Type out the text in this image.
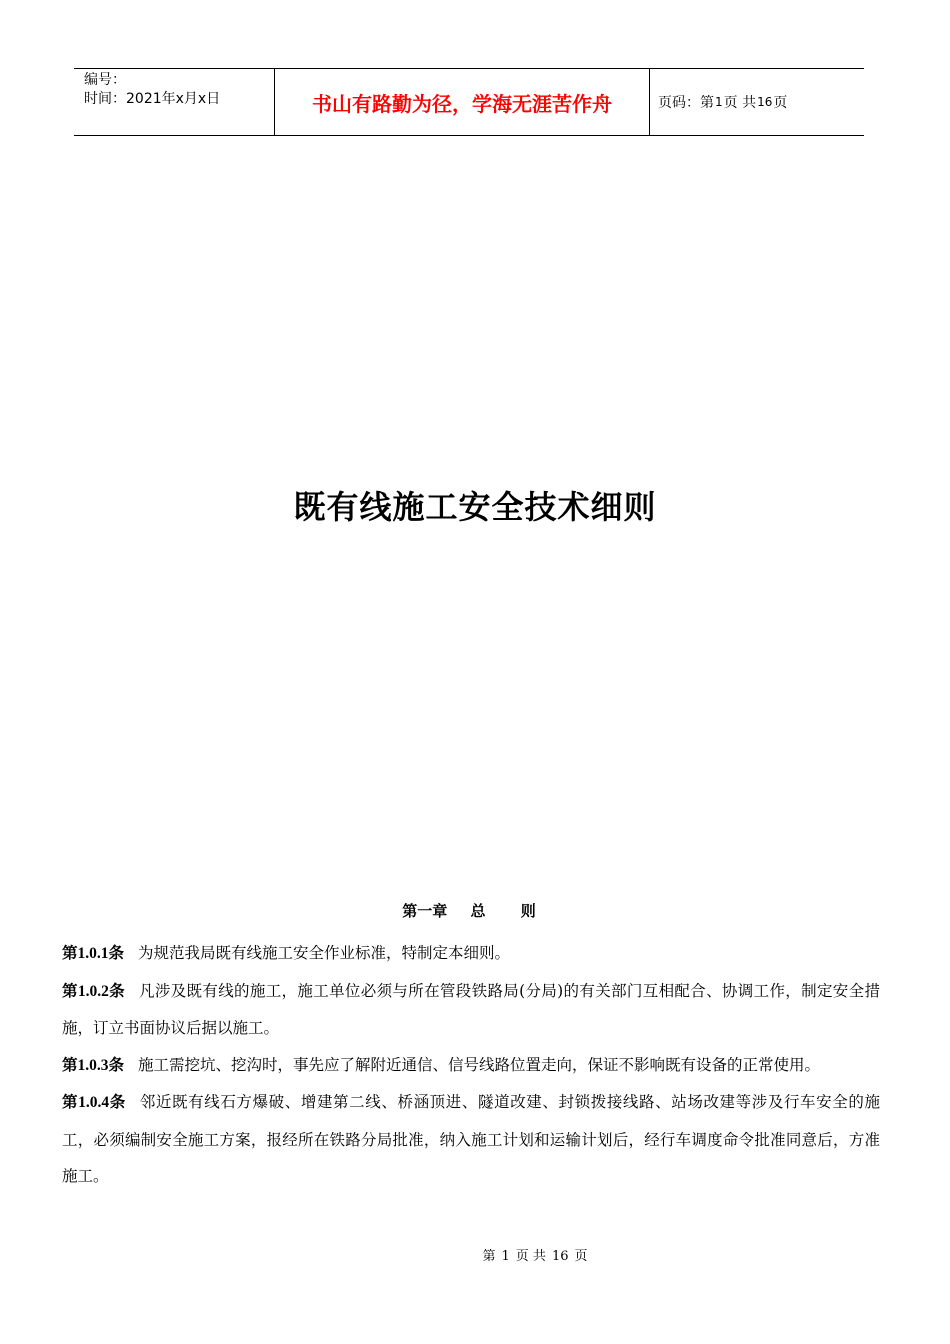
编号：
时间：2021年x月x日	书山有路勤为径，学海无涯苦作舟	页码：第 1 页 共 16 页
既有线施工安全技术细则
第一章 总 则

第1.0.1条 为规范我局既有线施工安全作业标准，特制定本细则。

第1.0.2条 凡涉及既有线的施工，施工单位必须与所在管段铁路局(分局)的有关部门互相配合、协调工作，制定安全措施，订立书面协议后据以施工。

第1.0.3条 施工需挖坑、挖沟时，事先应了解附近通信、信号线路位置走向，保证不影响既有设备的正常使用。

第1.0.4条 邻近既有线石方爆破、增建第二线、桥涵顶进、隧道改建、封锁拨接线路、站场改建等涉及行车安全的施工，必须编制安全施工方案，报经所在铁路分局批准，纳入施工计划和运输计划后，经行车调度命令批准同意后，方准施工。

第 1 页 共 16 页
